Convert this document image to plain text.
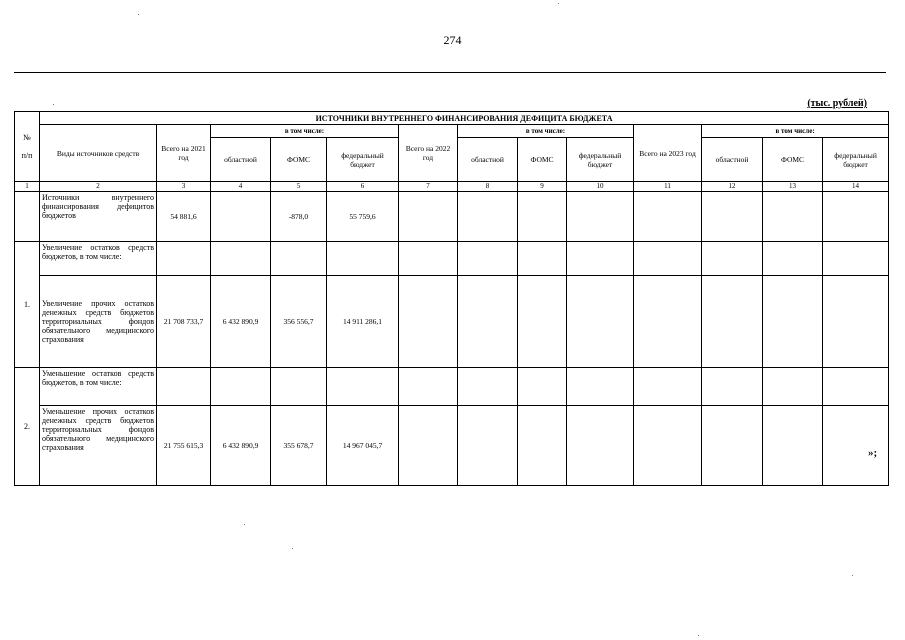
274
(тыс. рублей)
№

п/п	ИСТОЧНИКИ ВНУТРЕННЕГО ФИНАНСИРОВАНИЯ ДЕФИЦИТА БЮДЖЕТА												
	Виды источников средств	Всего на 2021 год	в том числе:			Всего на 2022 год	в том числе:			Всего на 2023 год	в том числе:		
			областной	ФОМС	федеральный бюджет		областной	ФОМС	федеральный бюджет		областной	ФОМС	федеральный бюджет
1	2	3	4	5	6	7	8	9	10	11	12	13	14
	Источники внутреннего финансирования дефицитов бюджетов	54 881,6		-878,0	55 759,6								
1.	Увеличение остатков средств бюджетов, в том числе:												
	Увеличение прочих остатков денежных средств бюджетов территориальных фондов обязательного медицинского страхования	21 708 733,7	6 432 890,9	356 556,7	14 911 286,1								
2.	Уменьшение остатков средств бюджетов, в том числе:												
	Уменьшение прочих остатков денежных средств бюджетов территориальных фондов обязательного медицинского страхования	21 755 615,3	6 432 890,9	355 678,7	14 967 045,7								
»;
